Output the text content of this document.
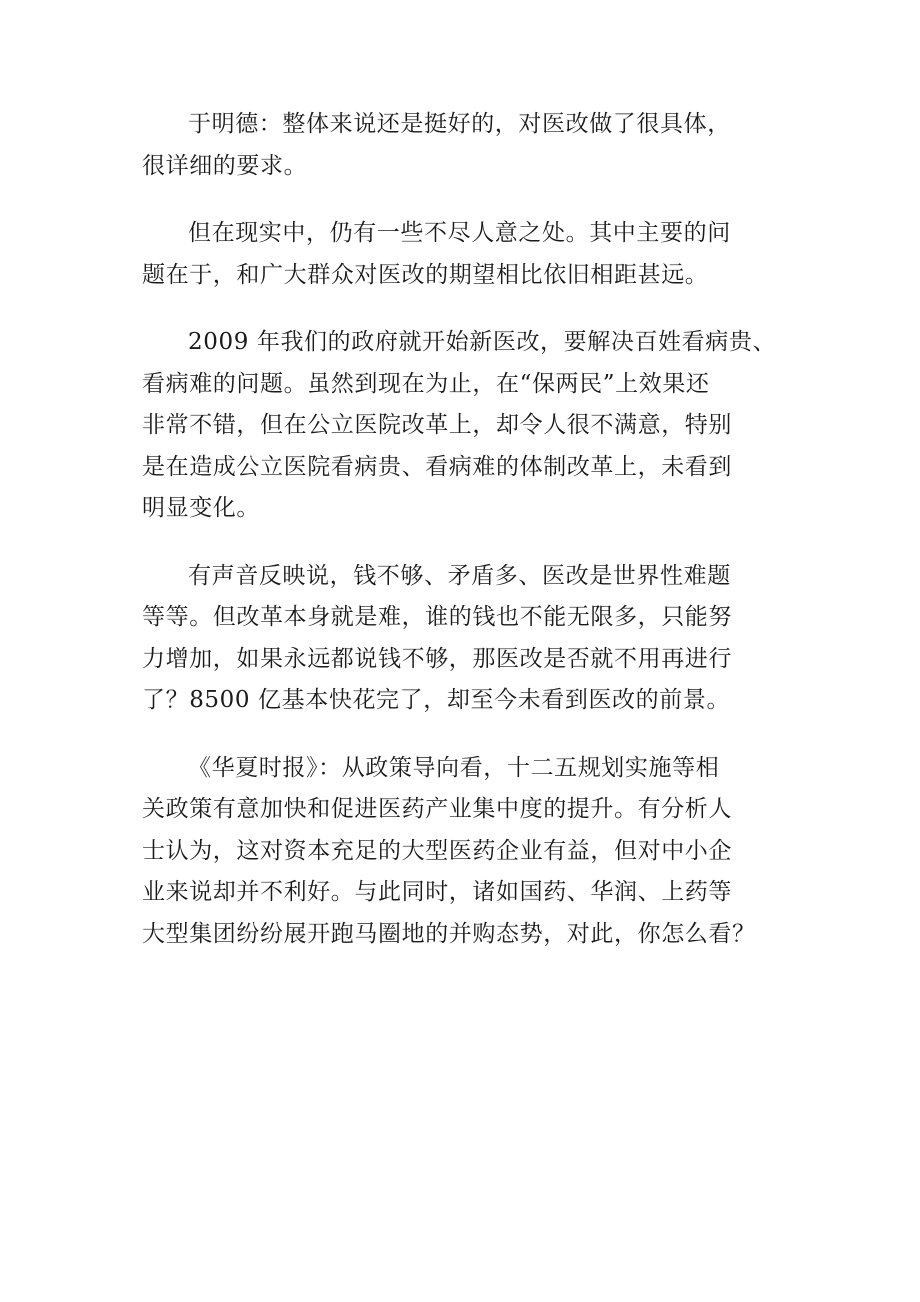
于明德：整体来说还是挺好的，对医改做了很具体，
很详细的要求。

但在现实中，仍有一些不尽人意之处。其中主要的问
题在于，和广大群众对医改的期望相比依旧相距甚远。

2009 年我们的政府就开始新医改，要解决百姓看病贵、
看病难的问题。虽然到现在为止，在“保两民”上效果还
非常不错，但在公立医院改革上，却令人很不满意，特别
是在造成公立医院看病贵、看病难的体制改革上，未看到
明显变化。

有声音反映说，钱不够、矛盾多、医改是世界性难题
等等。但改革本身就是难，谁的钱也不能无限多，只能努
力增加，如果永远都说钱不够，那医改是否就不用再进行
了？8500 亿基本快花完了，却至今未看到医改的前景。

《华夏时报》：从政策导向看，十二五规划实施等相
关政策有意加快和促进医药产业集中度的提升。有分析人
士认为，这对资本充足的大型医药企业有益，但对中小企
业来说却并不利好。与此同时，诸如国药、华润、上药等
大型集团纷纷展开跑马圈地的并购态势，对此，你怎么看？
